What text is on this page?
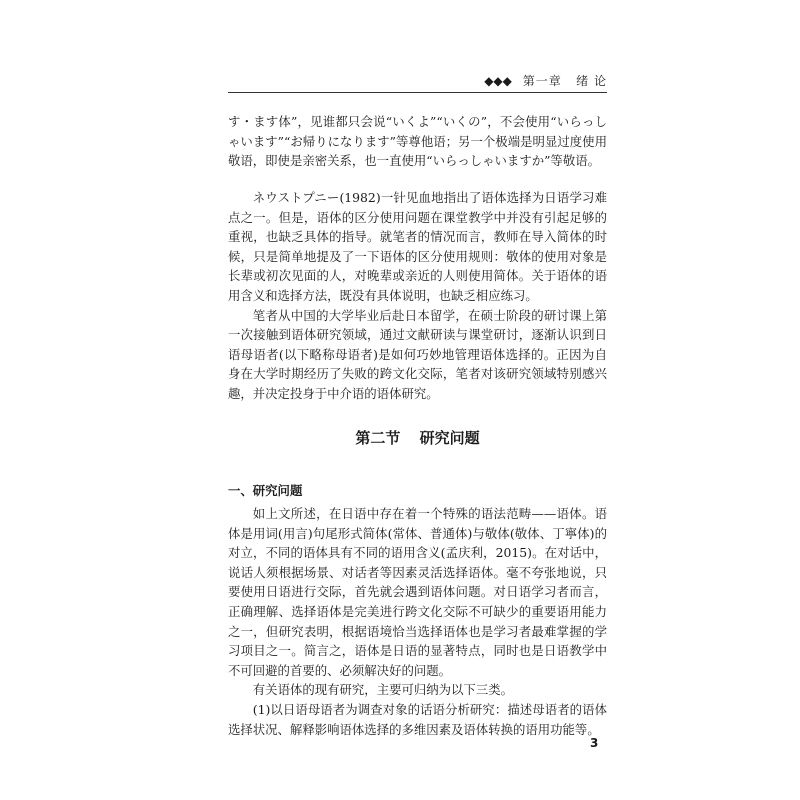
◆◆◆ 第一章 绪 论

す・ます体”，见谁都只会说“いくよ”“いくの”，不会使用“いらっしゃいます”“お帰りになります”等尊他语；另一个极端是明显过度使用敬语，即使是亲密关系，也一直使用“いらっしゃいますか”等敬语。

ネウストプニー(1982)一针见血地指出了语体选择为日语学习难点之一。但是，语体的区分使用问题在课堂教学中并没有引起足够的重视，也缺乏具体的指导。就笔者的情况而言，教师在导入简体的时候，只是简单地提及了一下语体的区分使用规则：敬体的使用对象是长辈或初次见面的人，对晚辈或亲近的人则使用简体。关于语体的语用含义和选择方法，既没有具体说明，也缺乏相应练习。

笔者从中国的大学毕业后赴日本留学，在硕士阶段的研讨课上第一次接触到语体研究领域，通过文献研读与课堂研讨，逐渐认识到日语母语者(以下略称母语者)是如何巧妙地管理语体选择的。正因为自身在大学时期经历了失败的跨文化交际，笔者对该研究领域特别感兴趣，并决定投身于中介语的语体研究。

第二节 研究问题
一、研究问题

如上文所述，在日语中存在着一个特殊的语法范畴——语体。语体是用词(用言)句尾形式简体(常体、普通体)与敬体(敬体、丁寧体)的对立，不同的语体具有不同的语用含义(孟庆利，2015)。在对话中，说话人须根据场景、对话者等因素灵活选择语体。毫不夸张地说，只要使用日语进行交际，首先就会遇到语体问题。对日语学习者而言，正确理解、选择语体是完美进行跨文化交际不可缺少的重要语用能力之一，但研究表明，根据语境恰当选择语体也是学习者最难掌握的学习项目之一。简言之，语体是日语的显著特点，同时也是日语教学中不可回避的首要的、必须解决好的问题。

有关语体的现有研究，主要可归纳为以下三类。

(1)以日语母语者为调查对象的话语分析研究：描述母语者的语体选择状况、解释影响语体选择的多维因素及语体转换的语用功能等。

3
